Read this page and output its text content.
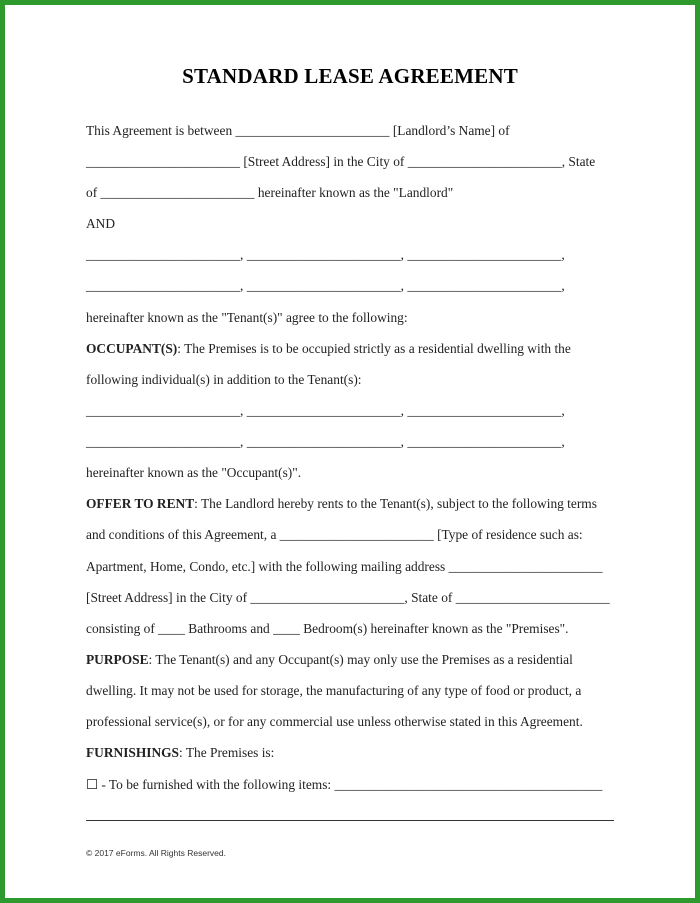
STANDARD LEASE AGREEMENT
This Agreement is between _______________________ [Landlord’s Name] of
_______________________ [Street Address] in the City of _______________________, State
of _______________________ hereinafter known as the "Landlord"
AND
_______________________, _______________________, _______________________,
_______________________, _______________________, _______________________,
hereinafter known as the "Tenant(s)" agree to the following:
OCCUPANT(S): The Premises is to be occupied strictly as a residential dwelling with the
following individual(s) in addition to the Tenant(s):
_______________________, _______________________, _______________________,
_______________________, _______________________, _______________________,
hereinafter known as the "Occupant(s)".
OFFER TO RENT: The Landlord hereby rents to the Tenant(s), subject to the following terms
and conditions of this Agreement, a _______________________ [Type of residence such as:
Apartment, Home, Condo, etc.] with the following mailing address _______________________
[Street Address] in the City of _______________________, State of _______________________
consisting of ____ Bathrooms and ____ Bedroom(s) hereinafter known as the "Premises".
PURPOSE: The Tenant(s) and any Occupant(s) may only use the Premises as a residential
dwelling. It may not be used for storage, the manufacturing of any type of food or product, a
professional service(s), or for any commercial use unless otherwise stated in this Agreement.
FURNISHINGS: The Premises is:
☐ - To be furnished with the following items: ________________________________________
© 2017 eForms. All Rights Reserved.
